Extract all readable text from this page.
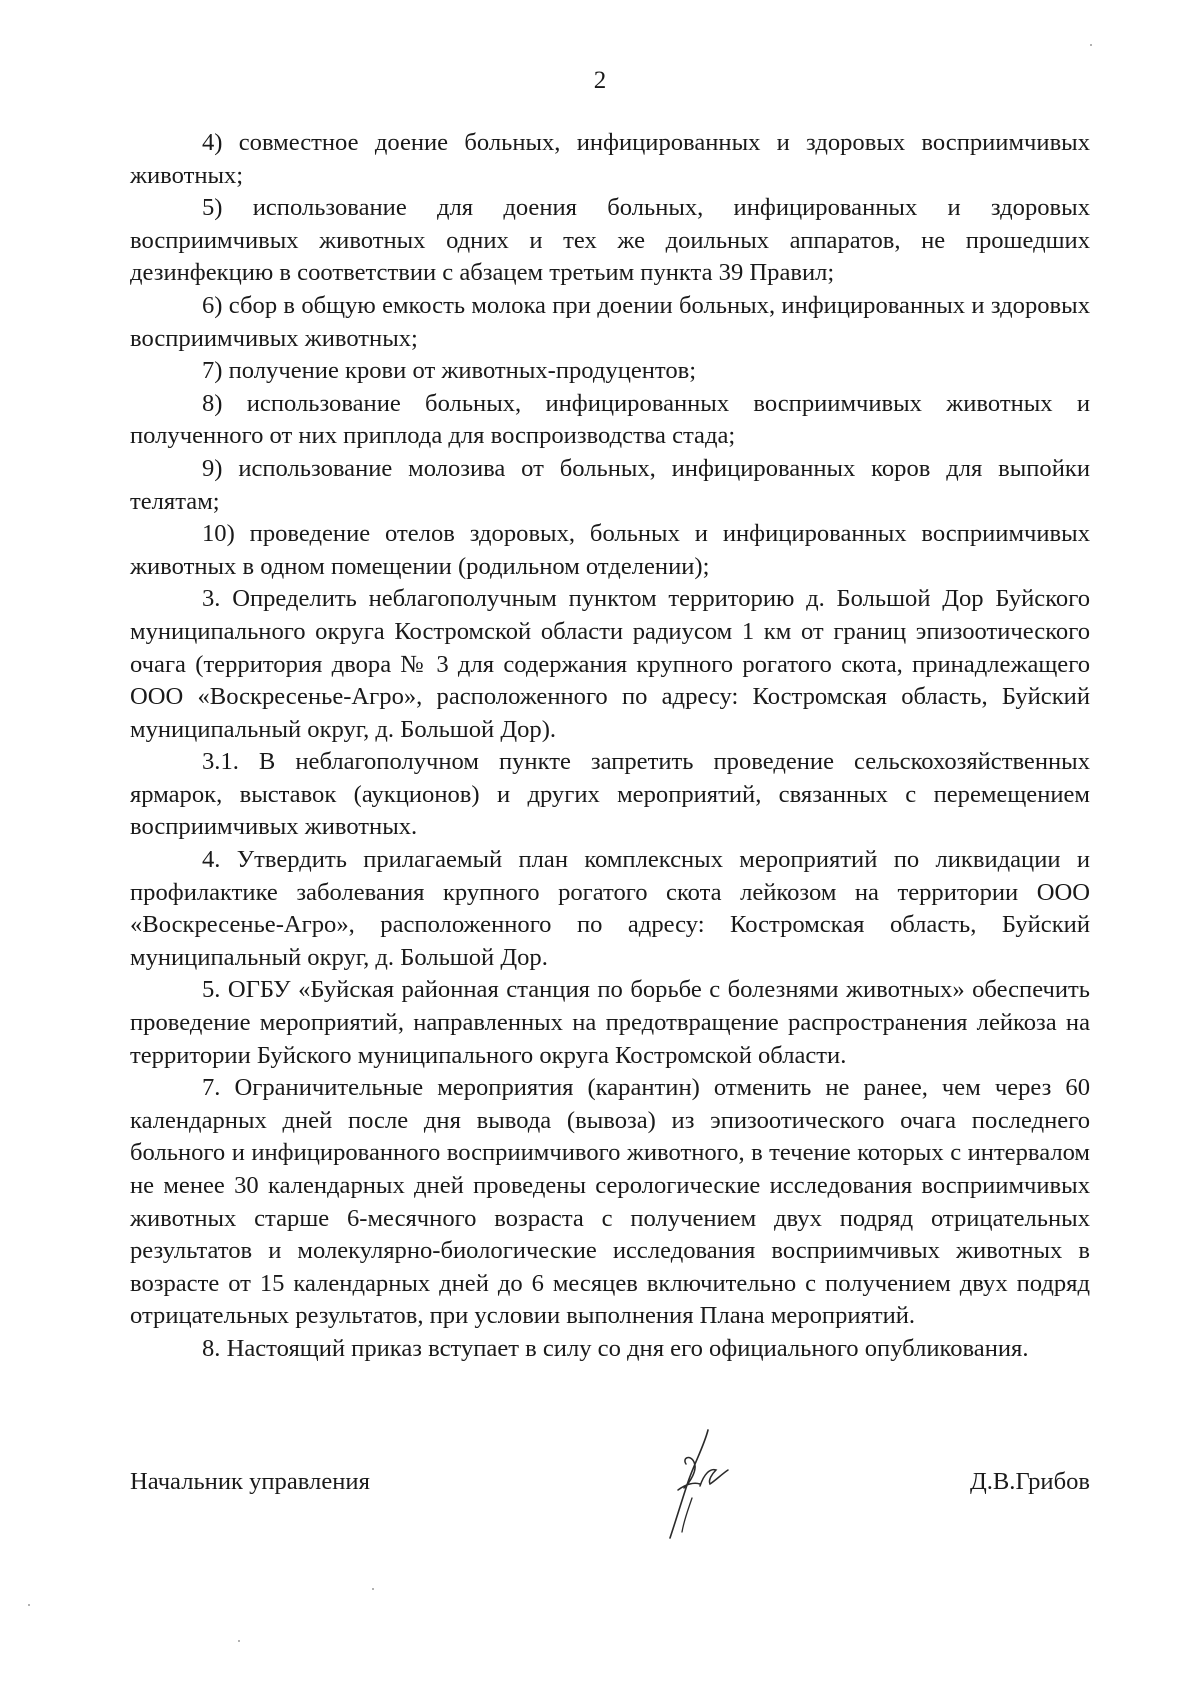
2

4) совместное доение больных, инфицированных и здоровых восприимчивых животных;

5) использование для доения больных, инфицированных и здоровых восприимчивых животных одних и тех же доильных аппаратов, не прошедших дезинфекцию в соответствии с абзацем третьим пункта 39 Правил;

6) сбор в общую емкость молока при доении больных, инфицированных и здоровых восприимчивых животных;

7) получение крови от животных-продуцентов;

8) использование больных, инфицированных восприимчивых животных и полученного от них приплода для воспроизводства стада;

9) использование молозива от больных, инфицированных коров для выпойки телятам;

10) проведение отелов здоровых, больных и инфицированных восприимчивых животных в одном помещении (родильном отделении);

3. Определить неблагополучным пунктом территорию д. Большой Дор Буйского муниципального округа Костромской области радиусом 1 км от границ эпизоотического очага (территория двора № 3 для содержания крупного рогатого скота, принадлежащего ООО «Воскресенье-Агро», расположенного по адресу: Костромская область, Буйский муниципальный округ, д. Большой Дор).

3.1. В неблагополучном пункте запретить проведение сельскохозяйственных ярмарок, выставок (аукционов) и других мероприятий, связанных с перемещением восприимчивых животных.

4. Утвердить прилагаемый план комплексных мероприятий по ликвидации и профилактике заболевания крупного рогатого скота лейкозом на территории ООО «Воскресенье-Агро», расположенного по адресу: Костромская область, Буйский муниципальный округ, д. Большой Дор.

5. ОГБУ «Буйская районная станция по борьбе с болезнями животных» обеспечить проведение мероприятий, направленных на предотвращение распространения лейкоза на территории Буйского муниципального округа Костромской области.

7. Ограничительные мероприятия (карантин) отменить не ранее, чем через 60 календарных дней после дня вывода (вывоза) из эпизоотического очага последнего больного и инфицированного восприимчивого животного, в течение которых с интервалом не менее 30 календарных дней проведены серологические исследования восприимчивых животных старше 6-месячного возраста с получением двух подряд отрицательных результатов и молекулярно-биологические исследования восприимчивых животных в возрасте от 15 календарных дней до 6 месяцев включительно с получением двух подряд отрицательных результатов, при условии выполнения Плана мероприятий.

8. Настоящий приказ вступает в силу со дня его официального опубликования.

Начальник управления	Д.В.Грибов
